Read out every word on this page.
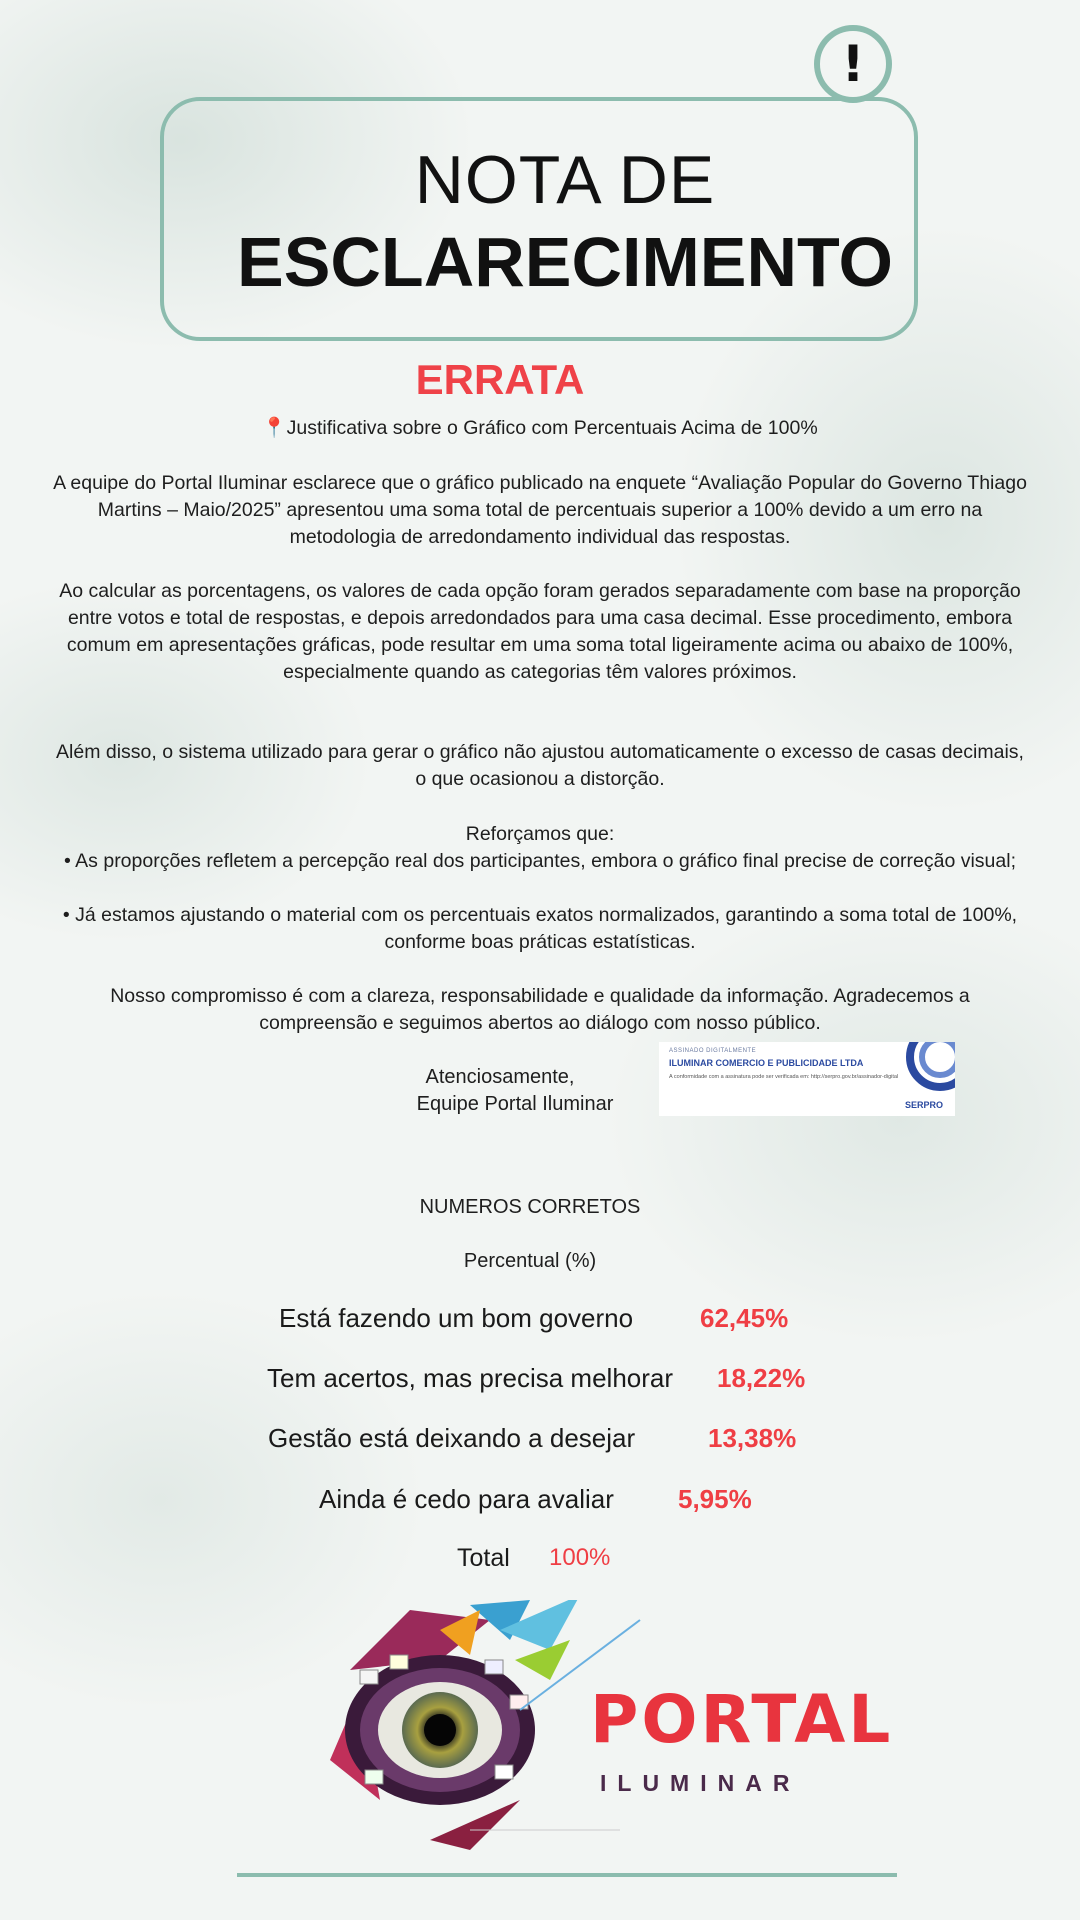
!
NOTA DE
ESCLARECIMENTO
ERRATA

📍Justificativa sobre o Gráfico com Percentuais Acima de 100%

A equipe do Portal Iluminar esclarece que o gráfico publicado na enquete “Avaliação Popular do Governo Thiago Martins – Maio/2025” apresentou uma soma total de percentuais superior a 100% devido a um erro na metodologia de arredondamento individual das respostas.

Ao calcular as porcentagens, os valores de cada opção foram gerados separadamente com base na proporção entre votos e total de respostas, e depois arredondados para uma casa decimal. Esse procedimento, embora comum em apresentações gráficas, pode resultar em uma soma total ligeiramente acima ou abaixo de 100%, especialmente quando as categorias têm valores próximos.

Além disso, o sistema utilizado para gerar o gráfico não ajustou automaticamente o excesso de casas decimais, o que ocasionou a distorção.

Reforçamos que:

• As proporções refletem a percepção real dos participantes, embora o gráfico final precise de correção visual;

• Já estamos ajustando o material com os percentuais exatos normalizados, garantindo a soma total de 100%, conforme boas práticas estatísticas.

Nosso compromisso é com a clareza, responsabilidade e qualidade da informação. Agradecemos a compreensão e seguimos abertos ao diálogo com nosso público.

Atenciosamente,
Equipe Portal Iluminar
ASSINADO DIGITALMENTE
ILUMINAR COMERCIO E PUBLICIDADE LTDA
A conformidade com a assinatura pode ser verificada em: http://serpro.gov.br/assinador-digital
SERPRO
NUMEROS CORRETOS
Percentual (%)
Está fazendo um bom governo	62,45%
Tem acertos, mas precisa melhorar 18,22%
Gestão está deixando a desejar	13,38%
Ainda é cedo para avaliar 5,95%
Total 100%
PORTAL
ILUMINAR
